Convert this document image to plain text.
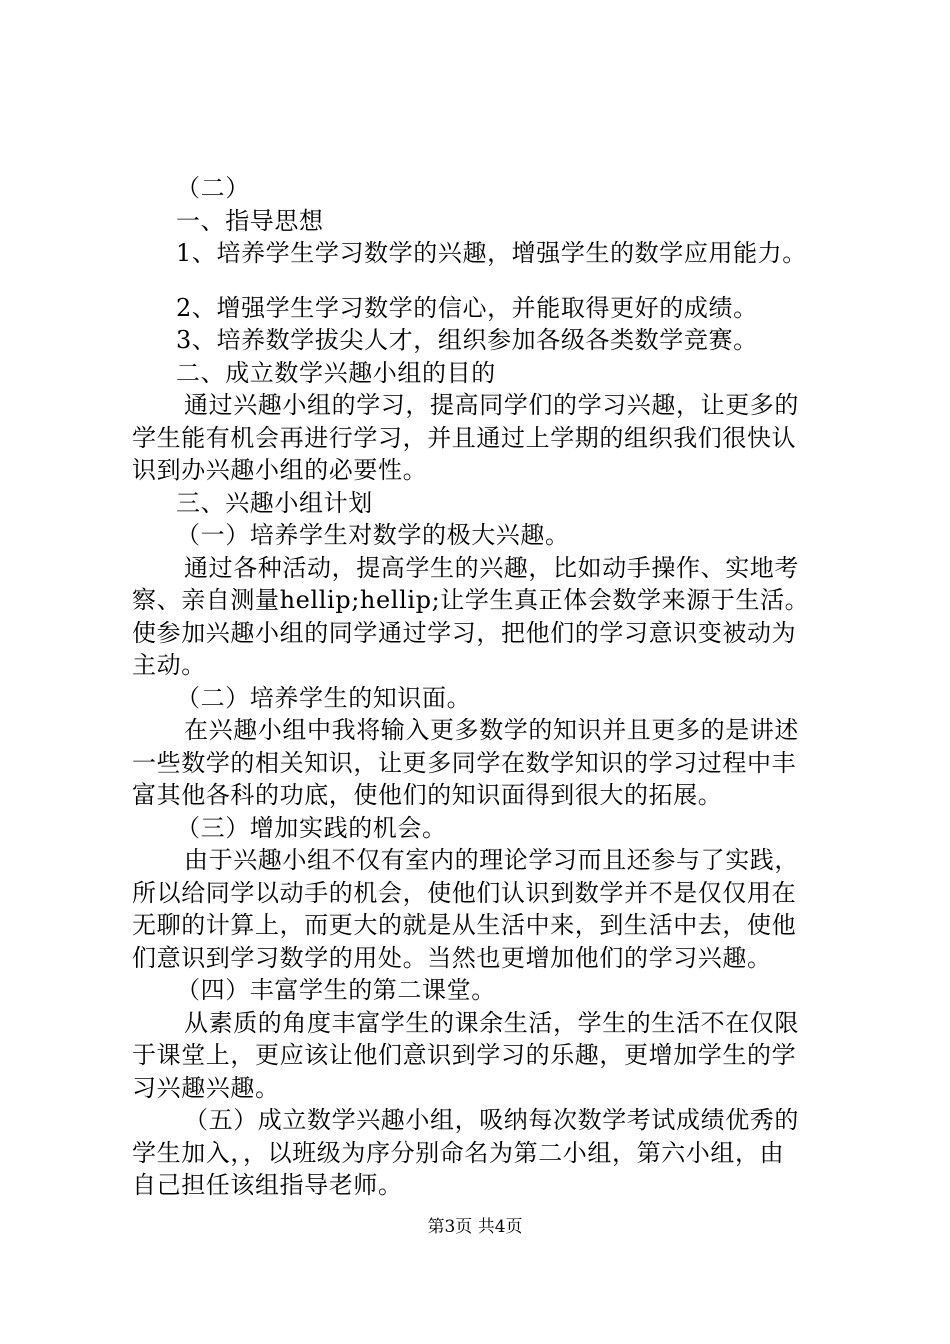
（二）
一、指导思想
1、培养学生学习数学的兴趣，增强学生的数学应用能力。
2、增强学生学习数学的信心，并能取得更好的成绩。
3、培养数学拔尖人才，组织参加各级各类数学竞赛。
二、成立数学兴趣小组的目的
通过兴趣小组的学习，提高同学们的学习兴趣，让更多的
学生能有机会再进行学习，并且通过上学期的组织我们很快认
识到办兴趣小组的必要性。
三、兴趣小组计划
（一）培养学生对数学的极大兴趣。
通过各种活动，提高学生的兴趣，比如动手操作、实地考
察、亲自测量hellip;hellip;让学生真正体会数学来源于生活。
使参加兴趣小组的同学通过学习，把他们的学习意识变被动为
主动。
（二）培养学生的知识面。
在兴趣小组中我将输入更多数学的知识并且更多的是讲述
一些数学的相关知识，让更多同学在数学知识的学习过程中丰
富其他各科的功底，使他们的知识面得到很大的拓展。
（三）增加实践的机会。
由于兴趣小组不仅有室内的理论学习而且还参与了实践，
所以给同学以动手的机会，使他们认识到数学并不是仅仅用在
无聊的计算上，而更大的就是从生活中来，到生活中去，使他
们意识到学习数学的用处。当然也更增加他们的学习兴趣。
（四）丰富学生的第二课堂。
从素质的角度丰富学生的课余生活，学生的生活不在仅限
于课堂上，更应该让他们意识到学习的乐趣，更增加学生的学
习兴趣兴趣。
（五）成立数学兴趣小组，吸纳每次数学考试成绩优秀的
学生加入，，以班级为序分别命名为第二小组，第六小组，由
自己担任该组指导老师。
第3页 共4页
